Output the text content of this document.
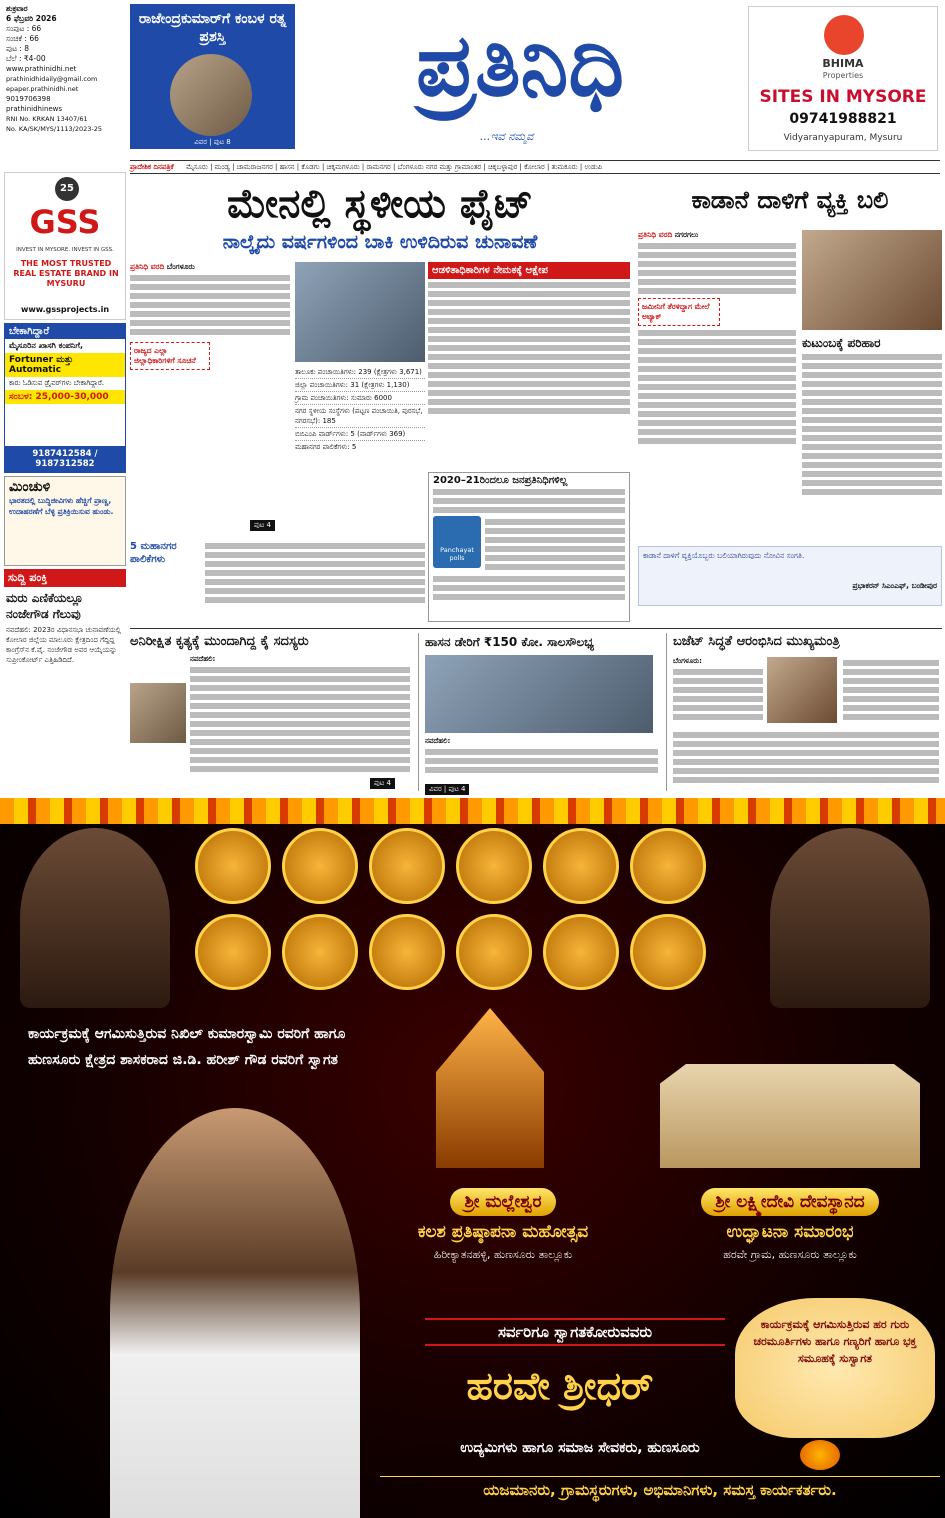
ಶುಕ್ರವಾರ
6 ಫೆಬ್ರವರಿ 2026
ಸಂಪುಟ : 66
ಸಂಚಿಕೆ : 66
ಪುಟ : 8
ಬೆಲೆ : ₹4-00
www.prathinidhi.net
prathinidhidaily@gmail.com
epaper.prathinidhi.net
9019706398
prathinidhinews
RNI No. KRKAN 13407/61
No. KA/SK/MYS/1113/2023-25
ರಾಜೇಂದ್ರಕುಮಾರ್‌ಗೆ ಕಂಬಳ ರತ್ನ ಪ್ರಶಸ್ತಿ
ವಿವರ | ಪುಟ 8
ಪ್ರತಿನಿಧಿ
...ಇವ ನಮ್ಮವ
BHIMA
Properties
SITES IN MYSORE
09741988821
Vidyaranyapuram, Mysuru
ಪ್ರಾದೇಶಿಕ ದಿನಪತ್ರಿಕೆ ಮೈಸೂರು | ಮಂಡ್ಯ | ಚಾಮರಾಜನಗರ | ಹಾಸನ | ಕೊಡಗು | ಚಿಕ್ಕಮಗಳೂರು | ರಾಮನಗರ | ಬೆಂಗಳೂರು ನಗರ ಮತ್ತು ಗ್ರಾಮಾಂತರ | ಚಿಕ್ಕಬಳ್ಳಾಪುರ | ಕೋಲಾರ | ತುಮಕೂರು | ಉಡುಪಿ
25
GSS
INVEST IN MYSORE. INVEST IN GSS.
THE MOST TRUSTED REAL ESTATE BRAND IN MYSURU
www.gssprojects.in
ಬೇಕಾಗಿದ್ದಾರೆ
ಮೈಸೂರಿನ ಖಾಸಗಿ ಕಂಪನಿಗೆ,
Fortuner ಮತ್ತು Automatic
ಕಾರು ಓಡಿಸುವ ಡ್ರೈವರ್‌ಗಳು ಬೇಕಾಗಿದ್ದಾರೆ.
ಸಂಬಳ: 25,000-30,000
9187412584 / 9187312582
ಮಿಂಚುಳಿ
ಭಾರತದಲ್ಲಿ ಬುದ್ಧಿಜೀವಿಗಳು ಹೆಚ್ಚಿಗೆ ಪ್ರಾಣ್ಣ, ಉದಾಹರಣೆಗೆ ಬೆಳ್ಳಿ ಪ್ರತಿಕ್ರಿಯಿಸುವ ಹುಂಡು.
ಸುದ್ದಿ ಪಂಕ್ತಿ
ಮರು ಎಣಿಕೆಯಲ್ಲೂ ನಂಜೇಗೌಡ ಗೆಲುವು
ನವದೆಹಲಿ: 2023ರ ವಿಧಾನಸಭಾ ಚುನಾವಣೆಯಲ್ಲಿ ಕೋಲಾರ ಜಿಲ್ಲೆಯ ಮಾಲೂರು ಕ್ಷೇತ್ರದಿಂದ ಗೆದ್ದಿದ್ದ ಕಾಂಗ್ರೆಸ್‌ನ ಕೆ.ವೈ. ನಂಜೇಗೌಡ ಅವರ ಆಯ್ಕೆಯನ್ನು ಸುಪ್ರೀಂಕೋರ್ಟ್ ಎತ್ತಿಹಿಡಿದಿದೆ.
ಮೇನಲ್ಲಿ ಸ್ಥಳೀಯ ಫೈಟ್
ನಾಲ್ಕೈದು ವರ್ಷಗಳಿಂದ ಬಾಕಿ ಉಳಿದಿರುವ ಚುನಾವಣೆ
ಪ್ರತಿನಿಧಿ ವರದಿ ಬೆಂಗಳೂರು
ರಾಜ್ಯದ ಎಲ್ಲಾ ಜಿಲ್ಲಾಧಿಕಾರಿಗಳಿಗೆ ಸೂಚನೆ
ತಾಲೂಕು ಪಂಚಾಯಿತಿಗಳು: 239 (ಕ್ಷೇತ್ರಗಳು 3,671)
ಜಿಲ್ಲಾ ಪಂಚಾಯಿತಿಗಳು: 31 (ಕ್ಷೇತ್ರಗಳು 1,130)
ಗ್ರಾಮ ಪಂಚಾಯಿತಿಗಳು: ಸುಮಾರು 6000
ನಗರ ಸ್ಥಳೀಯ ಸಂಸ್ಥೆಗಳು (ಪಟ್ಟಣ ಪಂಚಾಯಿತಿ, ಪುರಸಭೆ, ನಗರಸಭೆ): 185
ಬಿಬಿಎಂಪಿ ವಾರ್ಡ್‌ಗಳು: 5 (ವಾರ್ಡ್‌ಗಳು 369)
ಮಹಾನಗರ ಪಾಲಿಕೆಗಳು: 5
ಪುಟ 4
ಆಡಳಿತಾಧಿಕಾರಿಗಳ ನೇಮಕಕ್ಕೆ ಆಕ್ಷೇಪ
5 ಮಹಾನಗರ ಪಾಲಿಕೆಗಳು
2020–21ರಿಂದಲೂ ಜನಪ್ರತಿನಿಧಿಗಳಿಲ್ಲ
Panchayat polls
ಕಾಡಾನೆ ದಾಳಿಗೆ ವ್ಯಕ್ತಿ ಬಲಿ
ಪ್ರತಿನಿಧಿ ವರದಿ ನಗರಗಲು
ಜಮೀನಿಗೆ ತೆರಳಿದ್ದಾಗ ಮೇಲೆ ಅಟ್ಯಾಕ್
ಕುಟುಂಬಕ್ಕೆ ಪರಿಹಾರ
ಕಾಡಾನೆ ದಾಳಿಗೆ ವ್ಯಕ್ತಿಯೊಬ್ಬರು ಬಲಿಯಾಗಿರುವುದು ನೋವಿನ ಸಂಗತಿ.
ಪ್ರಭಾಕರನ್ ಸಿಎಂಎಫ್, ಬಂಡೀಪುರ
ಅನಿರೀಕ್ಷಿತ ಕೃತ್ಯಕ್ಕೆ ಮುಂದಾಗಿದ್ದ ಕೈ ಸದಸ್ಯರು
ನವದೆಹಲಿ:
ಪುಟ 4
ಹಾಸನ ಡೇರಿಗೆ ₹150 ಕೋ. ಸಾಲಸೌಲಭ್ಯ
ನವದೆಹಲಿ:
ವಿವರ | ಪುಟ 4
ಬಜೆಟ್ ಸಿದ್ಧತೆ ಆರಂಭಿಸಿದ ಮುಖ್ಯಮಂತ್ರಿ
ಬೆಂಗಳೂರು:
ಕಾರ್ಯಕ್ರಮಕ್ಕೆ ಆಗಮಿಸುತ್ತಿರುವ ನಿಖಿಲ್ ಕುಮಾರಸ್ವಾಮಿ ರವರಿಗೆ ಹಾಗೂ
ಹುಣಸೂರು ಕ್ಷೇತ್ರದ ಶಾಸಕರಾದ ಜಿ.ಡಿ. ಹರೀಶ್ ಗೌಡ ರವರಿಗೆ ಸ್ವಾಗತ
ಶ್ರೀ ಮಲ್ಲೇಶ್ವರ
ಕಲಶ ಪ್ರತಿಷ್ಠಾಪನಾ ಮಹೋತ್ಸವ
ಹಿರೀಕ್ಯಾತನಹಳ್ಳಿ, ಹುಣಸೂರು ತಾಲ್ಲೂಕು
ಶ್ರೀ ಲಕ್ಷ್ಮೀದೇವಿ ದೇವಸ್ಥಾನದ
ಉದ್ಘಾಟನಾ ಸಮಾರಂಭ
ಹರವೇ ಗ್ರಾಮ, ಹುಣಸೂರು ತಾಲ್ಲೂಕು
ಸರ್ವರಿಗೂ ಸ್ವಾಗತಕೋರುವವರು
ಹರವೇ ಶ್ರೀಧರ್
ಉದ್ಯಮಿಗಳು ಹಾಗೂ ಸಮಾಜ ಸೇವಕರು, ಹುಣಸೂರು
ಯಜಮಾನರು, ಗ್ರಾಮಸ್ಥರುಗಳು, ಅಭಿಮಾನಿಗಳು, ಸಮಸ್ತ ಕಾರ್ಯಕರ್ತರು.
ಕಾರ್ಯಕ್ರಮಕ್ಕೆ ಆಗಮಿಸುತ್ತಿರುವ ಹರ ಗುರು ಚರಮೂರ್ತಿಗಳು ಹಾಗೂ ಗಣ್ಯರಿಗೆ ಹಾಗೂ ಭಕ್ತ ಸಮೂಹಕ್ಕೆ ಸುಸ್ವಾಗತ
